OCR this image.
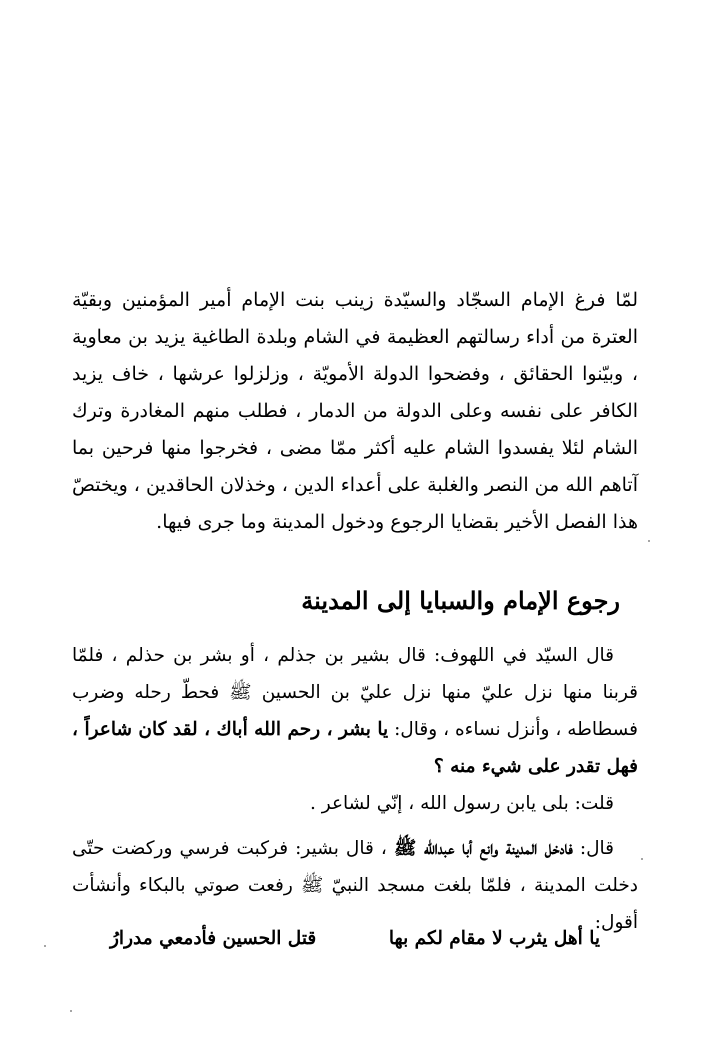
لمّا فرغ الإمام السجّاد والسيّدة زينب بنت الإمام أمير المؤمنين وبقيّة العترة من أداء رسالتهم العظيمة في الشام وبلدة الطاغية يزيد بن معاوية ، وبيّنوا الحقائق ، وفضحوا الدولة الأمويّة ، وزلزلوا عرشها ، خاف يزيد الكافر على نفسه وعلى الدولة من الدمار ، فطلب منهم المغادرة وترك الشام لئلا يفسدوا الشام عليه أكثر ممّا مضى ، فخرجوا منها فرحين بما آتاهم الله من النصر والغلبة على أعداء الدين ، وخذلان الحاقدين ، ويختصّ هذا الفصل الأخير بقضايا الرجوع ودخول المدينة وما جرى فيها.

رجوع الإمام والسبايا إلى المدينة

قال السيّد في اللهوف: قال بشير بن جذلم ، أو بشر بن حذلم ، فلمّا قربنا منها نزل عليّ منها نزل عليّ بن الحسين ﷺ فحطّ رحله وضرب فسطاطه ، وأنزل نساءه ، وقال: يا بشر ، رحم الله أباك ، لقد كان شاعراً ، فهل تقدر على شيء منه ؟

قلت: بلى يابن رسول الله ، إنّي لشاعر .

قال: فادخل المدينة وانع أبا عبدالله ﷺ ، قال بشير: فركبت فرسي وركضت حتّى دخلت المدينة ، فلمّا بلغت مسجد النبيّ ﷺ رفعت صوتي بالبكاء وأنشأت أقول:

يا أهل يثرب لا مقام لكم بها
قتل الحسين فأدمعي مدرارُ
